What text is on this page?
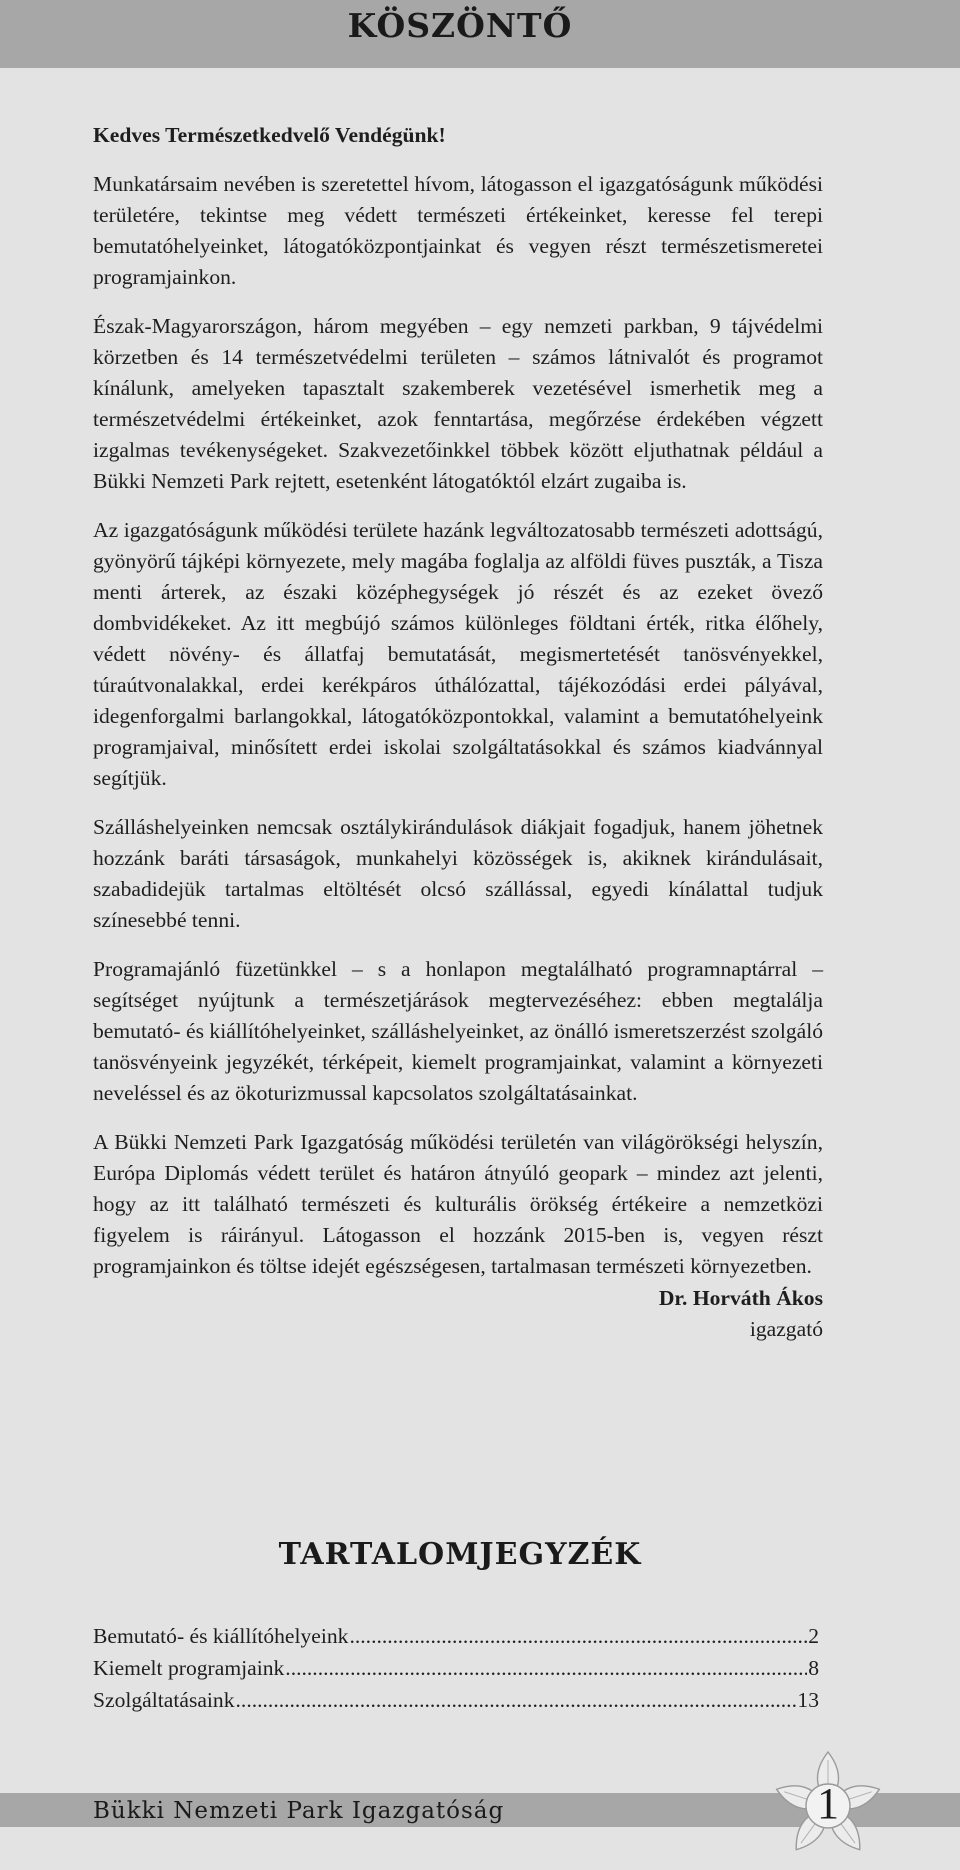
KÖSZÖNTŐ

Kedves Természetkedvelő Vendégünk!

Munkatársaim nevében is szeretettel hívom, látogasson el igazgatóságunk működési területére, tekintse meg védett természeti értékeinket, keresse fel terepi bemutatóhelyeinket, látogatóközpontjainkat és vegyen részt természetismeretei programjainkon.

Észak-Magyarországon, három megyében – egy nemzeti parkban, 9 tájvédelmi körzetben és 14 természetvédelmi területen – számos látnivalót és programot kínálunk, amelyeken tapasztalt szakemberek vezetésével ismerhetik meg a természetvédelmi értékeinket, azok fenntartása, megőrzése érdekében végzett izgalmas tevékenységeket. Szakvezetőinkkel többek között eljuthatnak például a Bükki Nemzeti Park rejtett, esetenként látogatóktól elzárt zugaiba is.

Az igazgatóságunk működési területe hazánk legváltozatosabb természeti adottságú, gyönyörű tájképi környezete, mely magába foglalja az alföldi füves puszták, a Tisza menti árterek, az északi középhegységek jó részét és az ezeket övező dombvidékeket. Az itt megbújó számos különleges földtani érték, ritka élőhely, védett növény- és állatfaj bemutatását, megismertetését tanösvényekkel, túraútvonalakkal, erdei kerékpáros úthálózattal, tájékozódási erdei pályával, idegenforgalmi barlangokkal, látogatóközpontokkal, valamint a bemutatóhelyeink programjaival, minősített erdei iskolai szolgáltatásokkal és számos kiadvánnyal segítjük.

Szálláshelyeinken nemcsak osztálykirándulások diákjait fogadjuk, hanem jöhetnek hozzánk baráti társaságok, munkahelyi közösségek is, akiknek kirándulásait, szabadidejük tartalmas eltöltését olcsó szállással, egyedi kínálattal tudjuk színesebbé tenni.

Programajánló füzetünkkel – s a honlapon megtalálható programnaptárral – segítséget nyújtunk a természetjárások megtervezéséhez: ebben megtalálja bemutató- és kiállítóhelyeinket, szálláshelyeinket, az önálló ismeretszerzést szolgáló tanösvényeink jegyzékét, térképeit, kiemelt programjainkat, valamint a környezeti neveléssel és az ökoturizmussal kapcsolatos szolgáltatásainkat.

A Bükki Nemzeti Park Igazgatóság működési területén van világörökségi helyszín, Európa Diplomás védett terület és határon átnyúló geopark – mindez azt jelenti, hogy az itt található természeti és kulturális örökség értékeire a nemzetközi figyelem is ráirányul. Látogasson el hozzánk 2015-ben is, vegyen részt programjainkon és töltse idejét egészségesen, tartalmasan természeti környezetben.

Dr. Horváth Ákos
igazgató
TARTALOMJEGYZÉK
Bemutató- és kiállítóhelyeink .....	2
Kiemelt programjaink .....	8
Szolgáltatásaink .....	13
Bükki Nemzeti Park Igazgatóság	1
